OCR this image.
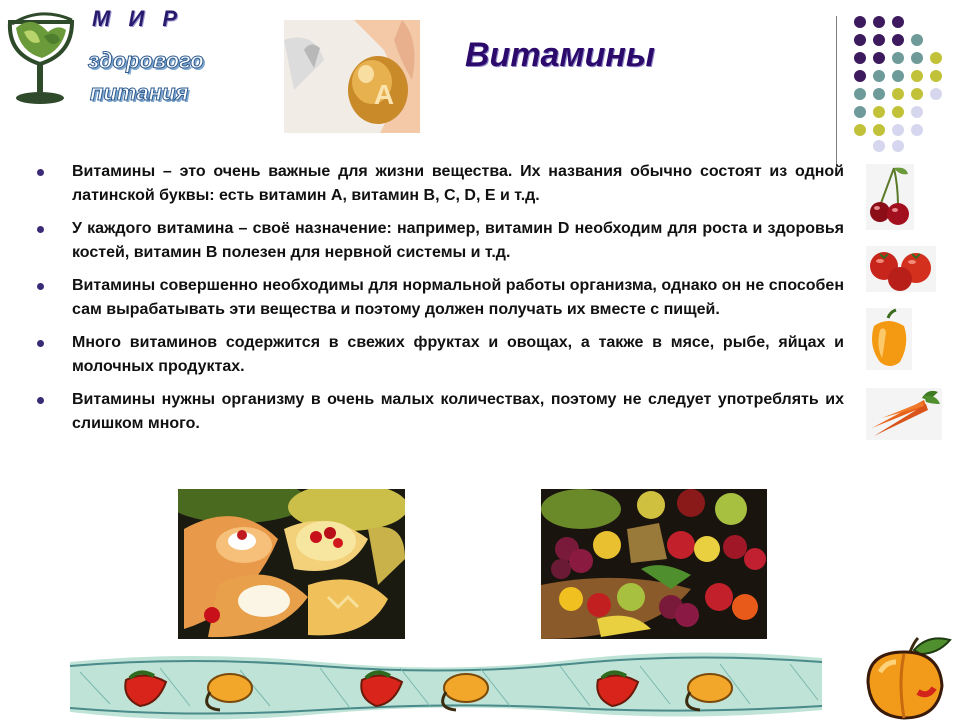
М И Р
здорового
питания	A
Витамины
Витамины – это очень важные для жизни вещества. Их названия обычно состоят из одной латинской буквы: есть витамин А, витамин В, С, D, Е и т.д.
У каждого витамина – своё назначение: например, витамин D необходим для роста и здоровья костей, витамин В полезен для нервной системы и т.д.
Витамины совершенно необходимы для нормальной работы организма, однако он не способен сам вырабатывать эти вещества и поэтому должен получать их вместе с пищей.
Много витаминов содержится в свежих фруктах и овощах, а также в мясе, рыбе, яйцах и молочных продуктах.
Витамины нужны организму в очень малых количествах, поэтому не следует употреблять их слишком много.
